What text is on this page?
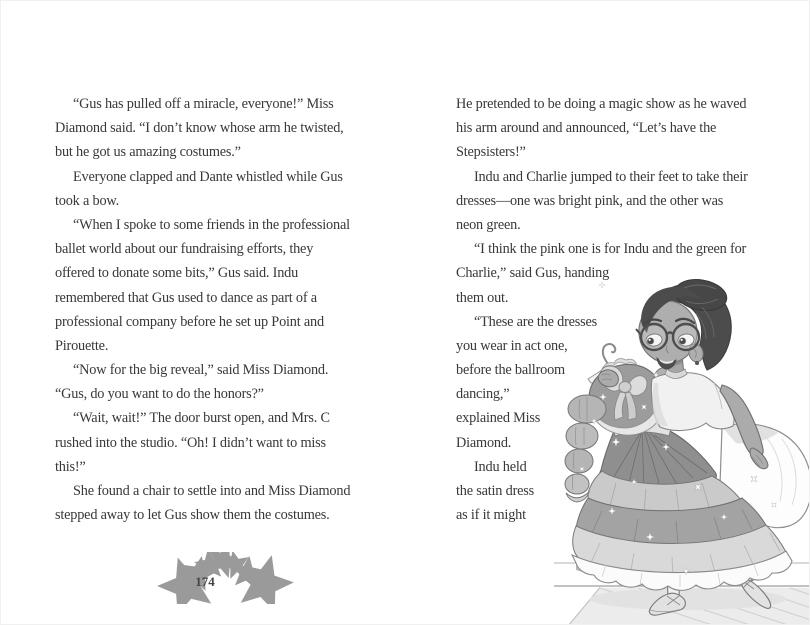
“Gus has pulled off a miracle, everyone!” Miss
Diamond said. “I don’t know whose arm he twisted,
but he got us amazing costumes.”
Everyone clapped and Dante whistled while Gus
took a bow.
“When I spoke to some friends in the professional
ballet world about our fundraising efforts, they
offered to donate some bits,” Gus said. Indu
remembered that Gus used to dance as part of a
professional company before he set up Point and
Pirouette.
“Now for the big reveal,” said Miss Diamond.
“Gus, do you want to do the honors?”
“Wait, wait!” The door burst open, and Mrs. C
rushed into the studio. “Oh! I didn’t want to miss
this!”
She found a chair to settle into and Miss Diamond
stepped away to let Gus show them the costumes.
He pretended to be doing a magic show as he waved
his arm around and announced, “Let’s have the
Stepsisters!”
Indu and Charlie jumped to their feet to take their
dresses—one was bright pink, and the other was
neon green.
“I think the pink one is for Indu and the green for
Charlie,” said Gus, handing
them out.
“These are the dresses
you wear in act one,
before the ballroom
dancing,”
explained Miss
Diamond.
Indu held
the satin dress
as if it might
174
